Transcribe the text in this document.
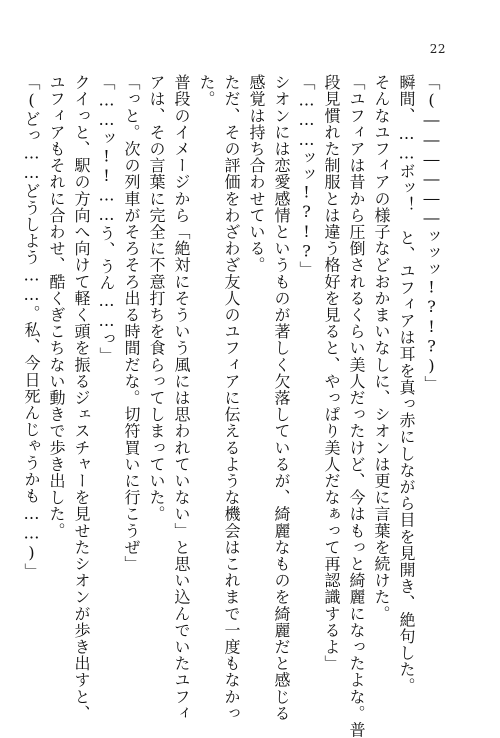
22
「(――――――ッッッ!?!?)」
瞬間、……ボッ！　と、ユフィアは耳を真っ赤にしながら目を見開き、絶句した。
そんなユフィアの様子などおかまいなしに、シオンは更に言葉を続けた。
「ユフィアは昔から圧倒されるくらい美人だったけど、今はもっと綺麗になったよな。普
段見慣れた制服とは違う格好を見ると、やっぱり美人だなぁって再認識するよ」
「………ッッ!?!?」
シオンには恋愛感情というものが著しく欠落しているが、綺麗なものを綺麗だと感じる
感覚は持ち合わせている。
ただ、その評価をわざわざ友人のユフィアに伝えるような機会はこれまで一度もなかっ
た。
普段のイメージから「絶対にそういう風には思われていない」と思い込んでいたユフィ
アは、その言葉に完全に不意打ちを食らってしまっていた。
「っと。次の列車がそろそろ出る時間だな。切符買いに行こうぜ」
「……ッ!!……う、うん……っ」
クイっと、駅の方向へ向けて軽く頭を振るジェスチャーを見せたシオンが歩き出すと、
ユフィアもそれに合わせ、酷くぎこちない動きで歩き出した。
「(どっ……どうしよう……。私、今日死んじゃうかも……)」
